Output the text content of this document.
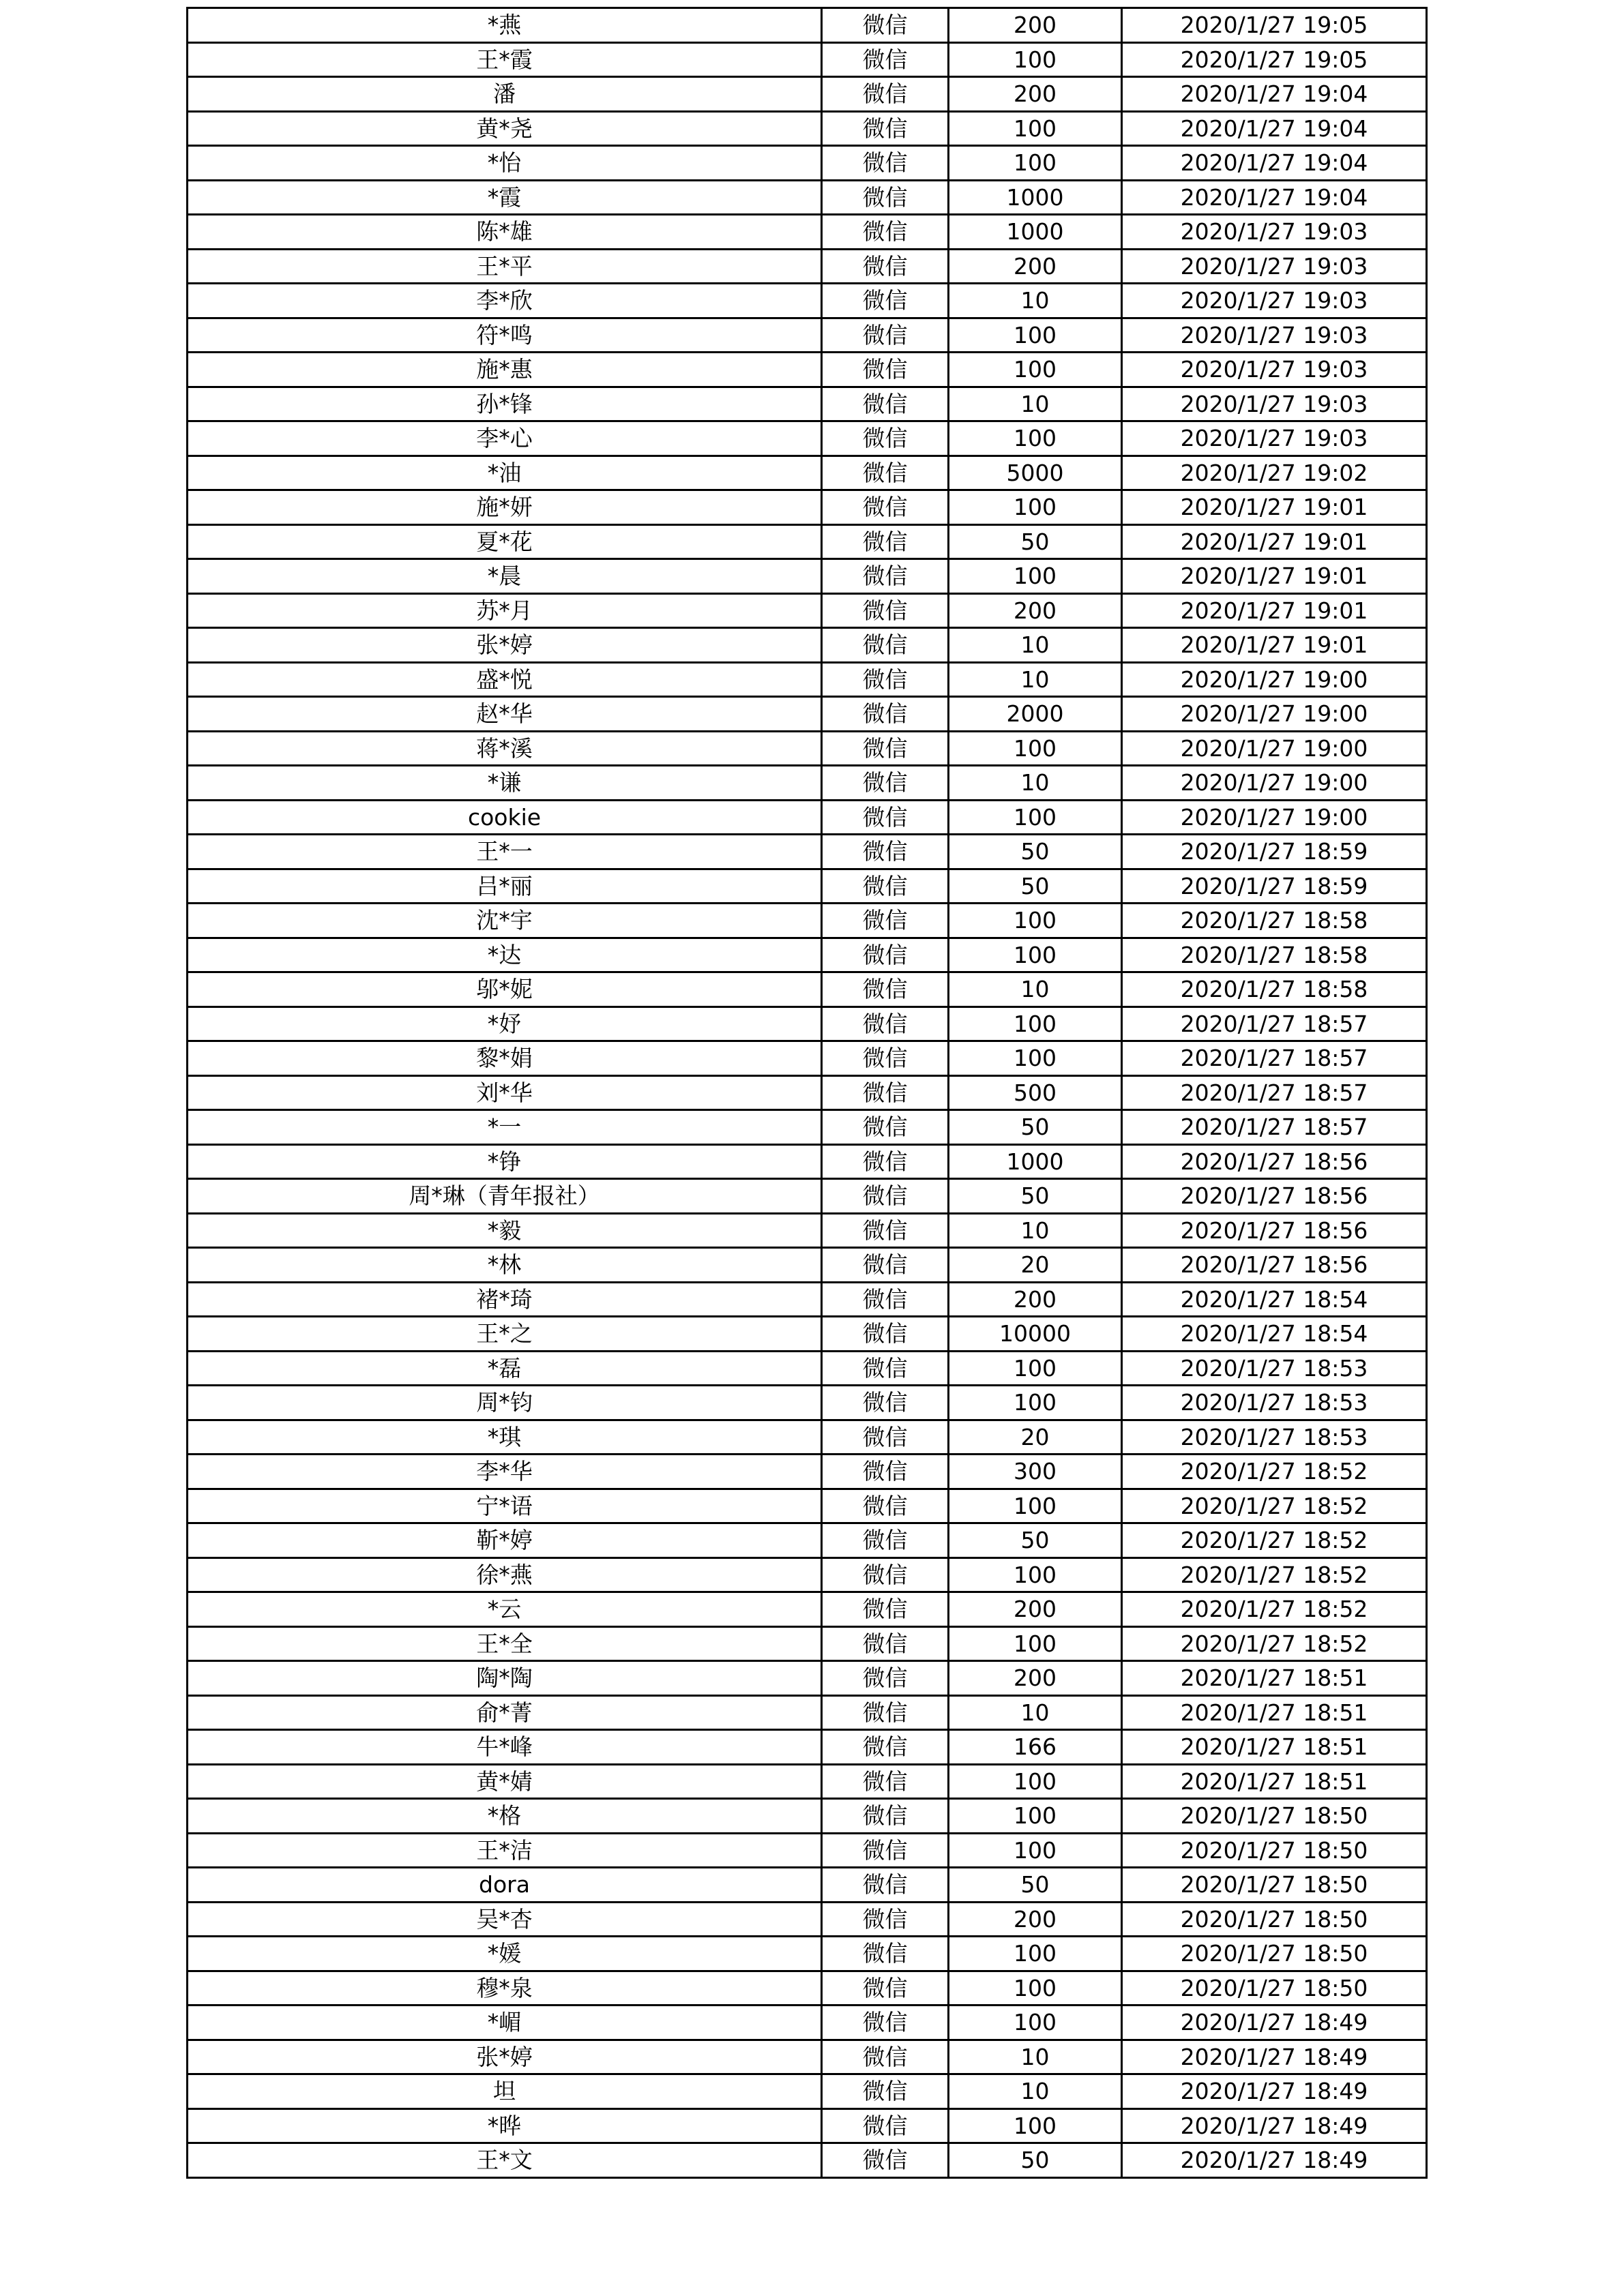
*燕	微信	200	2020/1/27 19:05
王*霞	微信	100	2020/1/27 19:05
潘	微信	200	2020/1/27 19:04
黄*尧	微信	100	2020/1/27 19:04
*怡	微信	100	2020/1/27 19:04
*霞	微信	1000	2020/1/27 19:04
陈*雄	微信	1000	2020/1/27 19:03
王*平	微信	200	2020/1/27 19:03
李*欣	微信	10	2020/1/27 19:03
符*鸣	微信	100	2020/1/27 19:03
施*惠	微信	100	2020/1/27 19:03
孙*锋	微信	10	2020/1/27 19:03
李*心	微信	100	2020/1/27 19:03
*油	微信	5000	2020/1/27 19:02
施*妍	微信	100	2020/1/27 19:01
夏*花	微信	50	2020/1/27 19:01
*晨	微信	100	2020/1/27 19:01
苏*月	微信	200	2020/1/27 19:01
张*婷	微信	10	2020/1/27 19:01
盛*悦	微信	10	2020/1/27 19:00
赵*华	微信	2000	2020/1/27 19:00
蒋*溪	微信	100	2020/1/27 19:00
*谦	微信	10	2020/1/27 19:00
cookie	微信	100	2020/1/27 19:00
王*一	微信	50	2020/1/27 18:59
吕*丽	微信	50	2020/1/27 18:59
沈*宇	微信	100	2020/1/27 18:58
*达	微信	100	2020/1/27 18:58
邬*妮	微信	10	2020/1/27 18:58
*妤	微信	100	2020/1/27 18:57
黎*娟	微信	100	2020/1/27 18:57
刘*华	微信	500	2020/1/27 18:57
*一	微信	50	2020/1/27 18:57
*铮	微信	1000	2020/1/27 18:56
周*琳（青年报社）	微信	50	2020/1/27 18:56
*毅	微信	10	2020/1/27 18:56
*林	微信	20	2020/1/27 18:56
褚*琦	微信	200	2020/1/27 18:54
王*之	微信	10000	2020/1/27 18:54
*磊	微信	100	2020/1/27 18:53
周*钧	微信	100	2020/1/27 18:53
*琪	微信	20	2020/1/27 18:53
李*华	微信	300	2020/1/27 18:52
宁*语	微信	100	2020/1/27 18:52
靳*婷	微信	50	2020/1/27 18:52
徐*燕	微信	100	2020/1/27 18:52
*云	微信	200	2020/1/27 18:52
王*全	微信	100	2020/1/27 18:52
陶*陶	微信	200	2020/1/27 18:51
俞*菁	微信	10	2020/1/27 18:51
牛*峰	微信	166	2020/1/27 18:51
黄*婧	微信	100	2020/1/27 18:51
*格	微信	100	2020/1/27 18:50
王*洁	微信	100	2020/1/27 18:50
dora	微信	50	2020/1/27 18:50
吴*杏	微信	200	2020/1/27 18:50
*媛	微信	100	2020/1/27 18:50
穆*泉	微信	100	2020/1/27 18:50
*嵋	微信	100	2020/1/27 18:49
张*婷	微信	10	2020/1/27 18:49
坦	微信	10	2020/1/27 18:49
*晔	微信	100	2020/1/27 18:49
王*文	微信	50	2020/1/27 18:49
